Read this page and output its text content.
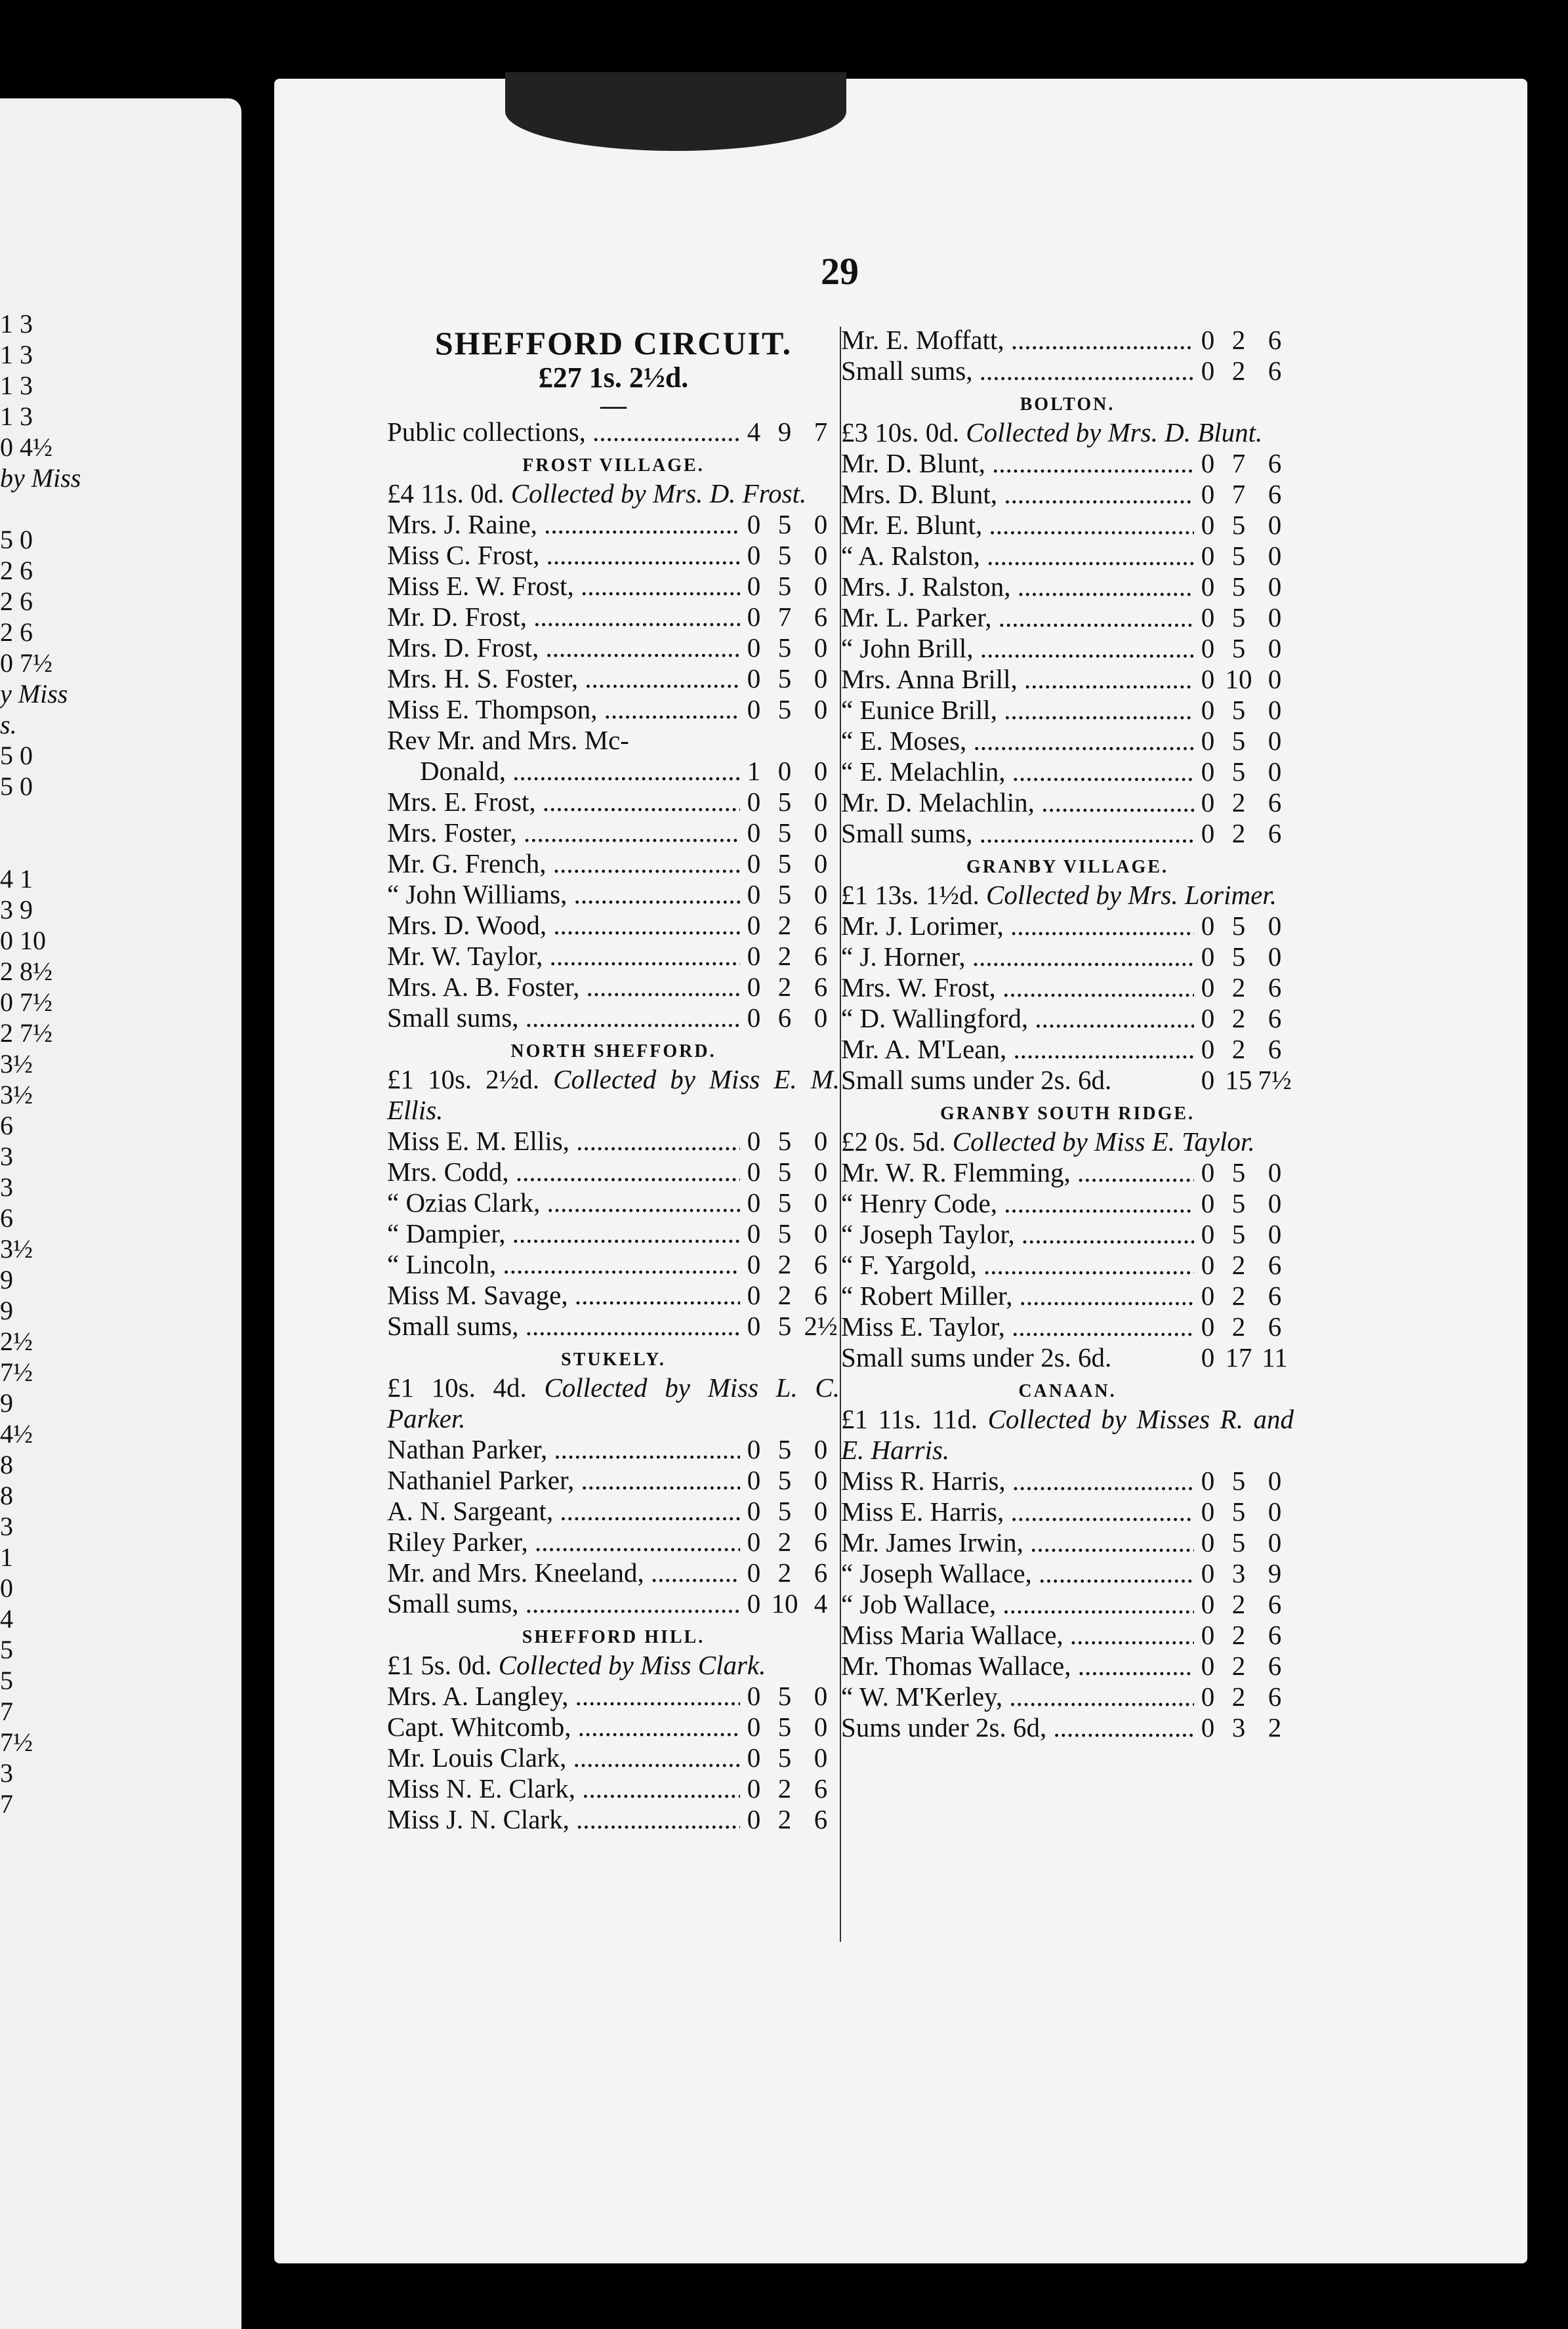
1 3
1 3
1 3
1 3
0 4½
by Miss
5 0
2 6
2 6
2 6
0 7½
y Miss
s.
5 0
5 0
4 1
3 9
0 10
2 8½
0 7½
2 7½
3½
3½
6
3
3
6
3½
9
9
2½
7½
9
4½
8
8
3
1
0
4
5
5
7
7½
3
7
29
SHEFFORD CIRCUIT.
£27 1s. 2½d.
—
Public collections, .....	4 9 7
FROST VILLAGE.
£4 11s. 0d. Collected by Mrs. D. Frost.
Mrs. J. Raine, .....	0 5 0
Miss C. Frost, .....	0 5 0
Miss E. W. Frost, .....	0 5 0
Mr. D. Frost, .....	0 7 6
Mrs. D. Frost, .....	0 5 0
Mrs. H. S. Foster, .....	0 5 0
Miss E. Thompson, .....	0 5 0
Rev Mr. and Mrs. Mc-
Donald, .....	1 0 0
Mrs. E. Frost, .....	0 5 0
Mrs. Foster, .....	0 5 0
Mr. G. French, .....	0 5 0
“ John Williams, .....	0 5 0
Mrs. D. Wood, .....	0 2 6
Mr. W. Taylor, .....	0 2 6
Mrs. A. B. Foster, .....	0 2 6
Small sums, .....	0 6 0
NORTH SHEFFORD.
£1 10s. 2½d. Collected by Miss E. M. Ellis.
Miss E. M. Ellis, .....	0 5 0
Mrs. Codd, .....	0 5 0
“ Ozias Clark, .....	0 5 0
“ Dampier, .....	0 5 0
“ Lincoln, .....	0 2 6
Miss M. Savage, .....	0 2 6
Small sums, .....	0 5 2½
STUKELY.
£1 10s. 4d. Collected by Miss L. C. Parker.
Nathan Parker, .....	0 5 0
Nathaniel Parker, .....	0 5 0
A. N. Sargeant, .....	0 5 0
Riley Parker, .....	0 2 6
Mr. and Mrs. Kneeland, .....	0 2 6
Small sums, .....	0 10 4
SHEFFORD HILL.
£1 5s. 0d. Collected by Miss Clark.
Mrs. A. Langley, .....	0 5 0
Capt. Whitcomb, .....	0 5 0
Mr. Louis Clark, .....	0 5 0
Miss N. E. Clark, .....	0 2 6
Miss J. N. Clark, .....	0 2 6
Mr. E. Moffatt, .....	0 2 6
Small sums, .....	0 2 6
BOLTON.
£3 10s. 0d. Collected by Mrs. D. Blunt.
Mr. D. Blunt, .....	0 7 6
Mrs. D. Blunt, .....	0 7 6
Mr. E. Blunt, .....	0 5 0
“ A. Ralston, .....	0 5 0
Mrs. J. Ralston, .....	0 5 0
Mr. L. Parker, .....	0 5 0
“ John Brill, .....	0 5 0
Mrs. Anna Brill, .....	0 10 0
“ Eunice Brill, .....	0 5 0
“ E. Moses, .....	0 5 0
“ E. Melachlin, .....	0 5 0
Mr. D. Melachlin, .....	0 2 6
Small sums, .....	0 2 6
GRANBY VILLAGE.
£1 13s. 1½d. Collected by Mrs. Lorimer.
Mr. J. Lorimer, .....	0 5 0
“ J. Horner, .....	0 5 0
Mrs. W. Frost, .....	0 2 6
“ D. Wallingford, .....	0 2 6
Mr. A. M'Lean, .....	0 2 6
Small sums under 2s. 6d.	0 15 7½
GRANBY SOUTH RIDGE.
£2 0s. 5d. Collected by Miss E. Taylor.
Mr. W. R. Flemming, .....	0 5 0
“ Henry Code, .....	0 5 0
“ Joseph Taylor, .....	0 5 0
“ F. Yargold, .....	0 2 6
“ Robert Miller, .....	0 2 6
Miss E. Taylor, .....	0 2 6
Small sums under 2s. 6d.	0 17 11
CANAAN.
£1 11s. 11d. Collected by Misses R. and E. Harris.
Miss R. Harris, .....	0 5 0
Miss E. Harris, .....	0 5 0
Mr. James Irwin, .....	0 5 0
“ Joseph Wallace, .....	0 3 9
“ Job Wallace, .....	0 2 6
Miss Maria Wallace, .....	0 2 6
Mr. Thomas Wallace, .....	0 2 6
“ W. M'Kerley, .....	0 2 6
Sums under 2s. 6d, .....	0 3 2
